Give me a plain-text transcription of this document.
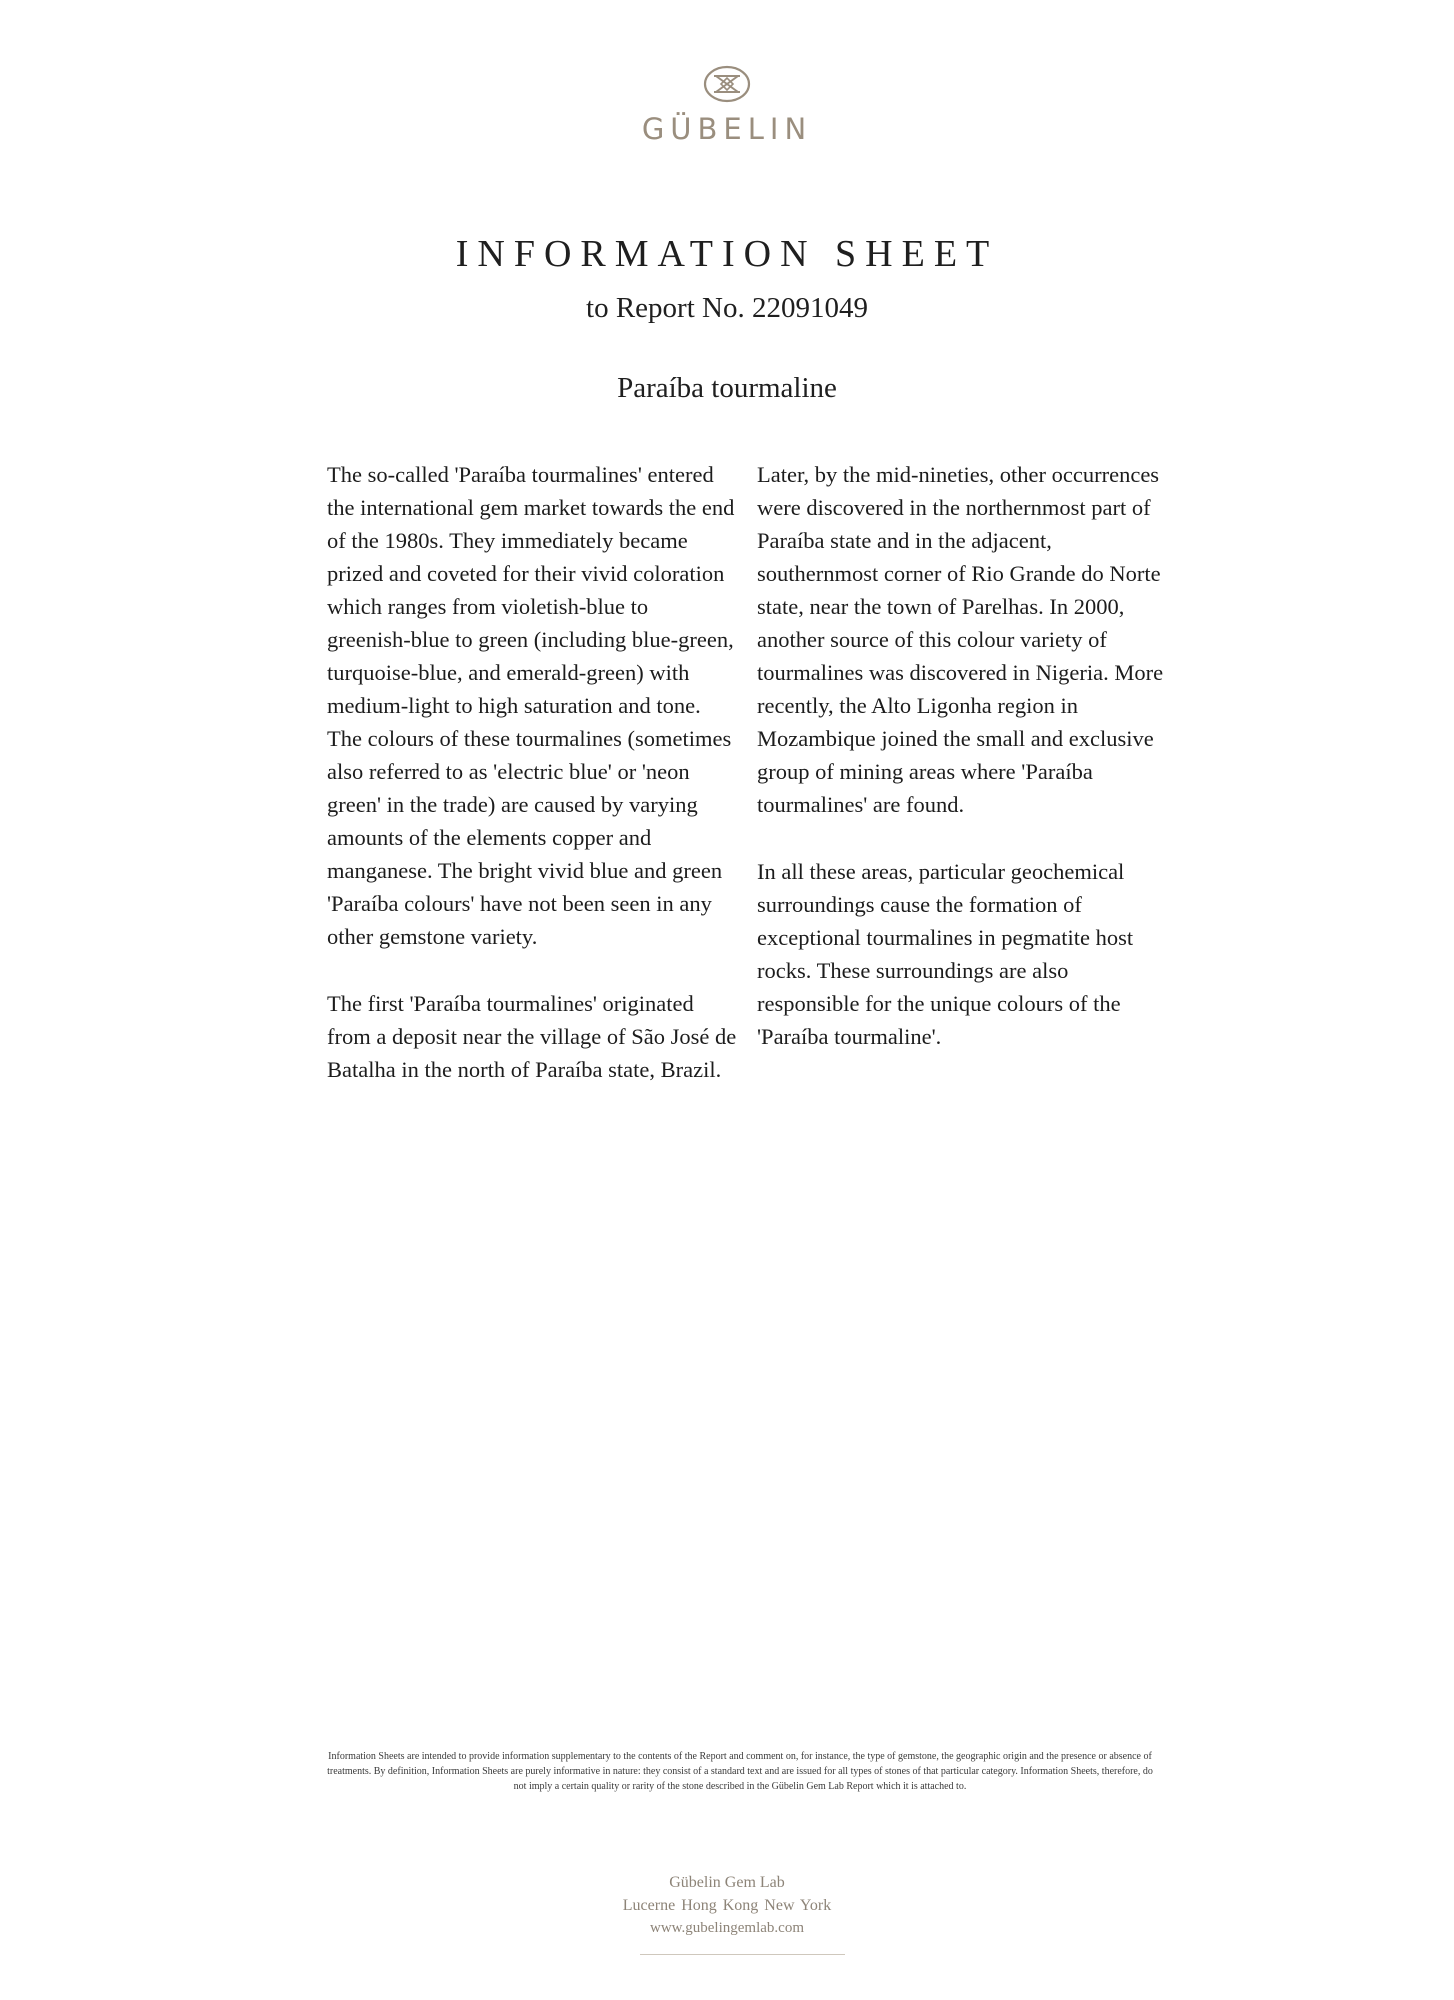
GÜBELIN
INFORMATION SHEET
to Report No. 22091049
Paraíba tourmaline

The so-called 'Paraíba tourmalines' entered the international gem market towards the end of the 1980s. They immediately became prized and coveted for their vivid coloration which ranges from violetish-blue to greenish-blue to green (including blue-green, turquoise-blue, and emerald-green) with medium-light to high saturation and tone. The colours of these tourmalines (sometimes also referred to as 'electric blue' or 'neon green' in the trade) are caused by varying amounts of the elements copper and manganese. The bright vivid blue and green 'Paraíba colours' have not been seen in any other gemstone variety.

The first 'Paraíba tourmalines' originated from a deposit near the village of São José de Batalha in the north of Paraíba state, Brazil.

Later, by the mid-nineties, other occurrences were discovered in the northernmost part of Paraíba state and in the adjacent, southernmost corner of Rio Grande do Norte state, near the town of Parelhas. In 2000, another source of this colour variety of tourmalines was discovered in Nigeria. More recently, the Alto Ligonha region in Mozambique joined the small and exclusive group of mining areas where 'Paraíba tourmalines' are found.

In all these areas, particular geochemical surroundings cause the formation of exceptional tourmalines in pegmatite host rocks. These surroundings are also responsible for the unique colours of the 'Paraíba tourmaline'.

Information Sheets are intended to provide information supplementary to the contents of the Report and comment on, for instance, the type of gemstone, the geographic origin and the presence or absence of treatments. By definition, Information Sheets are purely informative in nature: they consist of a standard text and are issued for all types of stones of that particular category. Information Sheets, therefore, do not imply a certain quality or rarity of the stone described in the Gübelin Gem Lab Report which it is attached to.
Gübelin Gem Lab
Lucerne Hong Kong New York
www.gubelingemlab.com
